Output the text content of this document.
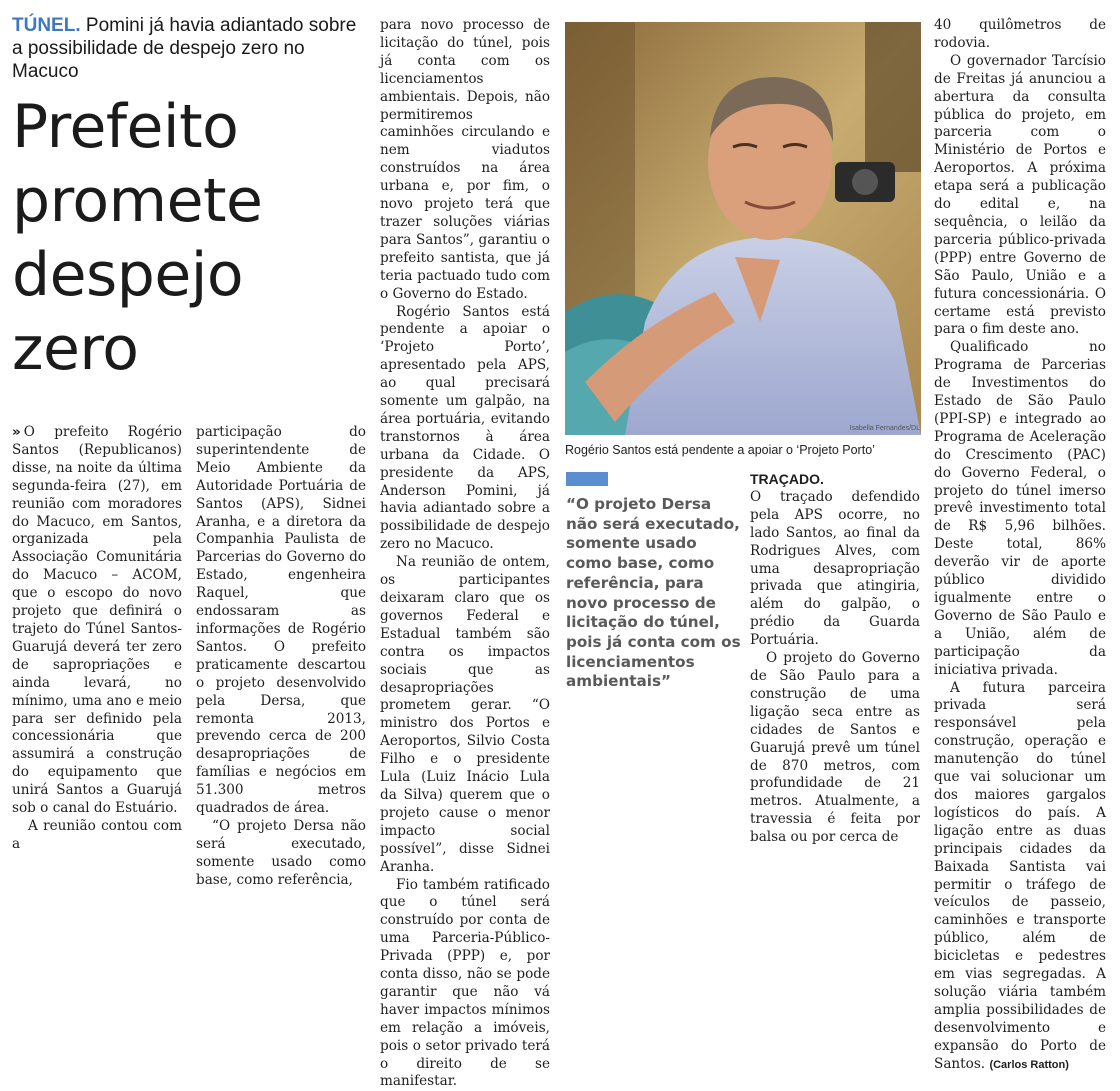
TÚNEL. Pomini já havia adiantado sobre a possibilidade de despejo zero no Macuco
Prefeito
promete
despejo
zero

» O prefeito Rogério Santos (Republicanos) disse, na noite da última segunda-feira (27), em reunião com moradores do Macuco, em Santos, organizada pela Associação Comunitária do Macuco – ACOM, que o escopo do novo projeto que definirá o trajeto do Túnel Santos-Guarujá deverá ter zero de sapropriações e ainda levará, no mínimo, uma ano e meio para ser definido pela concessionária que assumirá a construção do equipamento que unirá Santos a Guarujá sob o canal do Estuário.

A reunião contou com a

participação do superintendente de Meio Ambiente da Autoridade Portuária de Santos (APS), Sidnei Aranha, e a diretora da Companhia Paulista de Parcerias do Governo do Estado, engenheira Raquel, que endossaram as informações de Rogério Santos. O prefeito praticamente descartou o projeto desenvolvido pela Dersa, que remonta 2013, prevendo cerca de 200 desapropriações de famílias e negócios em 51.300 metros quadrados de área.

“O projeto Dersa não será executado, somente usado como base, como referência,

para novo processo de licitação do túnel, pois já conta com os licenciamentos ambientais. Depois, não permitiremos caminhões circulando e nem viadutos construídos na área urbana e, por fim, o novo projeto terá que trazer soluções viárias para Santos”, garantiu o prefeito santista, que já teria pactuado tudo com o Governo do Estado.

Rogério Santos está pendente a apoiar o ‘Projeto Porto’, apresentado pela APS, ao qual precisará somente um galpão, na área portuária, evitando transtornos à área urbana da Cidade. O presidente da APS, Anderson Pomini, já havia adiantado sobre a possibilidade de despejo zero no Macuco.

Na reunião de ontem, os participantes deixaram claro que os governos Federal e Estadual também são contra os impactos sociais que as desapropriações prometem gerar. “O ministro dos Portos e Aeroportos, Silvio Costa Filho e o presidente Lula (Luiz Inácio Lula da Silva) querem que o projeto cause o menor impacto social possível”, disse Sidnei Aranha.

Fio também ratificado que o túnel será construído por conta de uma Parceria-Público-Privada (PPP) e, por conta disso, não se pode garantir que não vá haver impactos mínimos em relação a imóveis, pois o setor privado terá o direito de se manifestar.

Isabella Fernandes/DL
Rogério Santos está pendente a apoiar o ‘Projeto Porto’
“O projeto Dersa não será executado, somente usado como base, como referência, para novo processo de licitação do túnel, pois já conta com os licenciamentos ambientais”

TRAÇADO.

O traçado defendido pela APS ocorre, no lado Santos, ao final da Rodrigues Alves, com uma desapropriação privada que atingiria, além do galpão, o prédio da Guarda Portuária.

O projeto do Governo de São Paulo para a construção de uma ligação seca entre as cidades de Santos e Guarujá prevê um túnel de 870 metros, com profundidade de 21 metros. Atualmente, a travessia é feita por balsa ou por cerca de

40 quilômetros de rodovia.

O governador Tarcísio de Freitas já anunciou a abertura da consulta pública do projeto, em parceria com o Ministério de Portos e Aeroportos. A próxima etapa será a publicação do edital e, na sequência, o leilão da parceria público-privada (PPP) entre Governo de São Paulo, União e a futura concessionária. O certame está previsto para o fim deste ano.

Qualificado no Programa de Parcerias de Investimentos do Estado de São Paulo (PPI-SP) e integrado ao Programa de Aceleração do Crescimento (PAC) do Governo Federal, o projeto do túnel imerso prevê investimento total de R$ 5,96 bilhões. Deste total, 86% deverão vir de aporte público dividido igualmente entre o Governo de São Paulo e a União, além de participação da iniciativa privada.

A futura parceira privada será responsável pela construção, operação e manutenção do túnel que vai solucionar um dos maiores gargalos logísticos do país. A ligação entre as duas principais cidades da Baixada Santista vai permitir o tráfego de veículos de passeio, caminhões e transporte público, além de bicicletas e pedestres em vias segregadas. A solução viária também amplia possibilidades de desenvolvimento e expansão do Porto de Santos. (Carlos Ratton)
